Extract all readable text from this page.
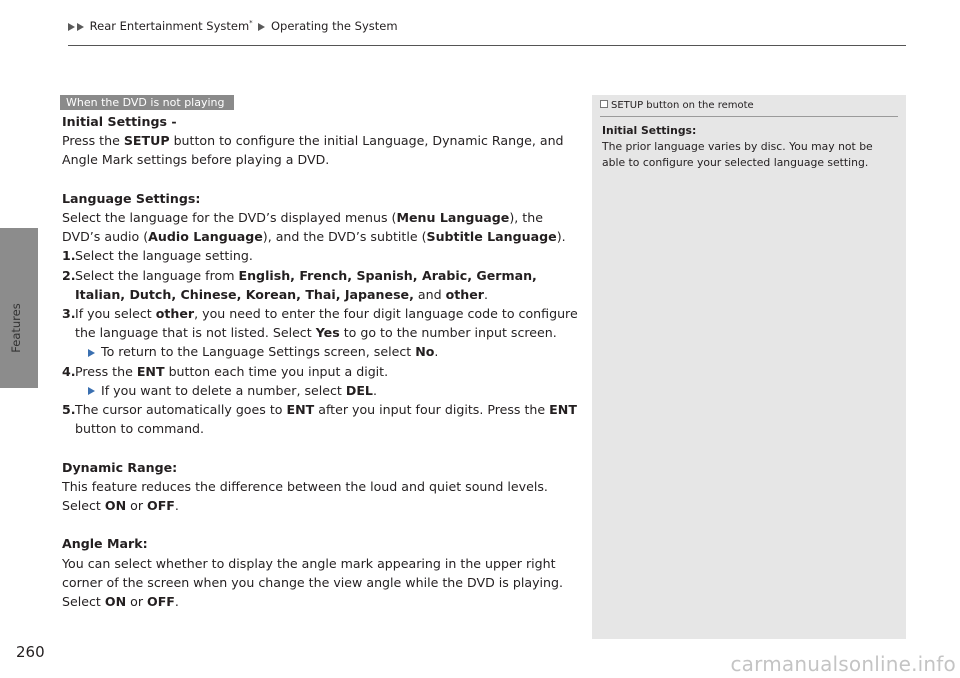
Rear Entertainment System* Operating the System
Features
260
When the DVD is not playing

Initial Settings -

Press the SETUP button to configure the initial Language, Dynamic Range, and Angle Mark settings before playing a DVD.

Language Settings:

Select the language for the DVD’s displayed menus (Menu Language), the DVD’s audio (Audio Language), and the DVD’s subtitle (Subtitle Language).

1. Select the language setting.
2. Select the language from English, French, Spanish, Arabic, German, Italian, Dutch, Chinese, Korean, Thai, Japanese, and other.
3. If you select other, you need to enter the four digit language code to configure the language that is not listed. Select Yes to go to the number input screen.
To return to the Language Settings screen, select No.
4. Press the ENT button each time you input a digit.
If you want to delete a number, select DEL.
5. The cursor automatically goes to ENT after you input four digits. Press the ENT button to command.

Dynamic Range:

This feature reduces the difference between the loud and quiet sound levels. Select ON or OFF.

Angle Mark:

You can select whether to display the angle mark appearing in the upper right corner of the screen when you change the view angle while the DVD is playing. Select ON or OFF.

SETUP button on the remote

Initial Settings:

The prior language varies by disc. You may not be able to configure your selected language setting.

carmanualsonline.info
